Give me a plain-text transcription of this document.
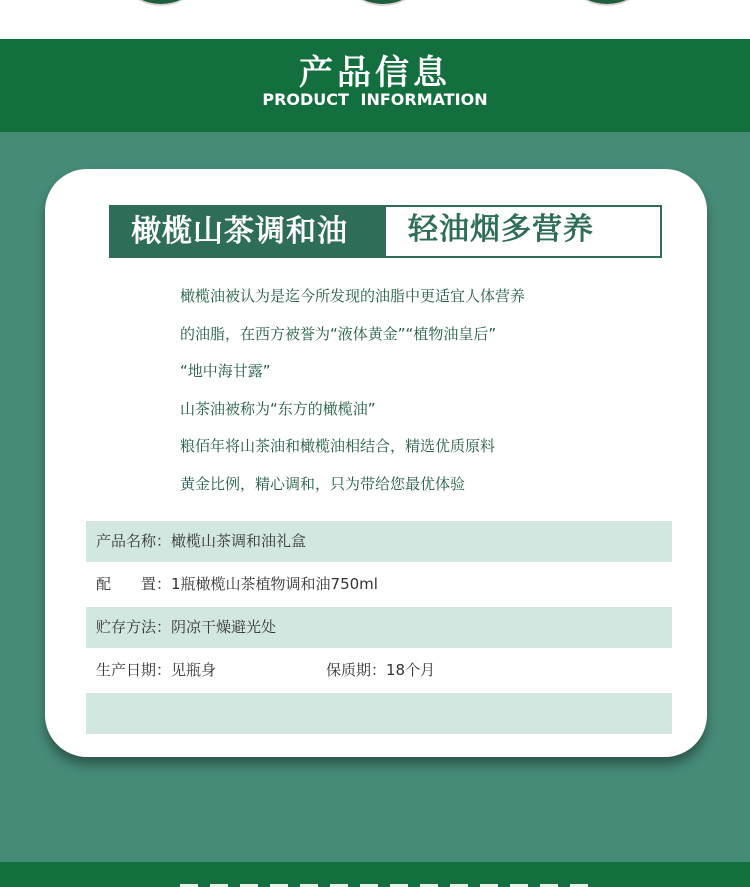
产品信息
PRODUCT INFORMATION
橄榄山茶调和油	轻油烟多营养
橄榄油被认为是迄今所发现的油脂中更适宜人体营养
的油脂，在西方被誉为“液体黄金”“植物油皇后”
“地中海甘露”
山茶油被称为“东方的橄榄油”
粮佰年将山茶油和橄榄油相结合，精选优质原料
黄金比例，精心调和，只为带给您最优体验
产品名称：橄榄山茶调和油礼盒
配　　置：1瓶橄榄山茶植物调和油750ml
贮存方法：阴凉干燥避光处
生产日期：见瓶身	保质期：18个月
